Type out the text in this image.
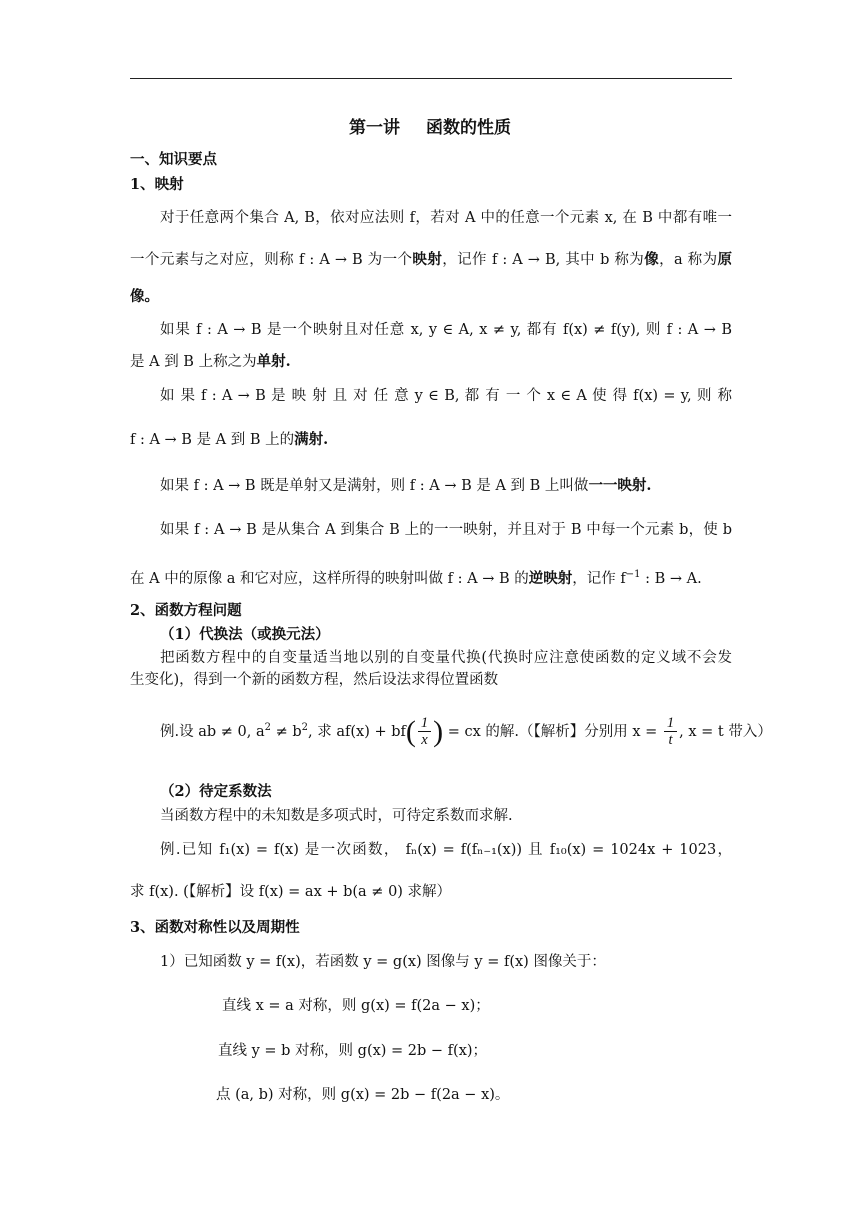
第一讲 函数的性质
一、知识要点
1、映射
对于任意两个集合 A, B，依对应法则 f，若对 A 中的任意一个元素 x, 在 B 中都有唯一
一个元素与之对应，则称 f : A → B 为一个映射，记作 f : A → B, 其中 b 称为像，a 称为原
像。
如果 f : A → B 是一个映射且对任意 x, y ∈ A, x ≠ y, 都有 f(x) ≠ f(y), 则 f : A → B
是 A 到 B 上称之为单射.
如 果 f : A → B 是 映 射 且 对 任 意 y ∈ B, 都 有 一 个 x ∈ A 使 得 f(x) = y, 则 称
f : A → B 是 A 到 B 上的满射.
如果 f : A → B 既是单射又是满射，则 f : A → B 是 A 到 B 上叫做一一映射.
如果 f : A → B 是从集合 A 到集合 B 上的一一映射，并且对于 B 中每一个元素 b，使 b
在 A 中的原像 a 和它对应，这样所得的映射叫做 f : A → B 的逆映射，记作 $f^{-1}$ : B → A.
2、函数方程问题
（1）代换法（或换元法）
把函数方程中的自变量适当地以别的自变量代换(代换时应注意使函数的定义域不会发
生变化)，得到一个新的函数方程，然后设法求得位置函数
例.设 ab ≠ 0, $a^2 \ne b^2$, 求 $af(x) + bf( \frac{1}{x}$ ) = cx 的解.（【解析】分别用 $x = \frac{1}{t}$ , x = t 带入）
（2）待定系数法
当函数方程中的未知数是多项式时，可待定系数而求解.
例.已知 f₁(x) = f(x) 是一次函数， fₙ(x) = f(fₙ₋₁(x)) 且 f₁₀(x) = 1024x + 1023，
求 f(x). (【解析】设 f(x) = ax + b(a ≠ 0) 求解）
3、函数对称性以及周期性
1）已知函数 y = f(x)，若函数 y = g(x) 图像与 y = f(x) 图像关于：
直线 x = a 对称，则 g(x) = f(2a − x)；
直线 y = b 对称，则 g(x) = 2b − f(x)；
点 (a, b) 对称，则 g(x) = 2b − f(2a − x)。
